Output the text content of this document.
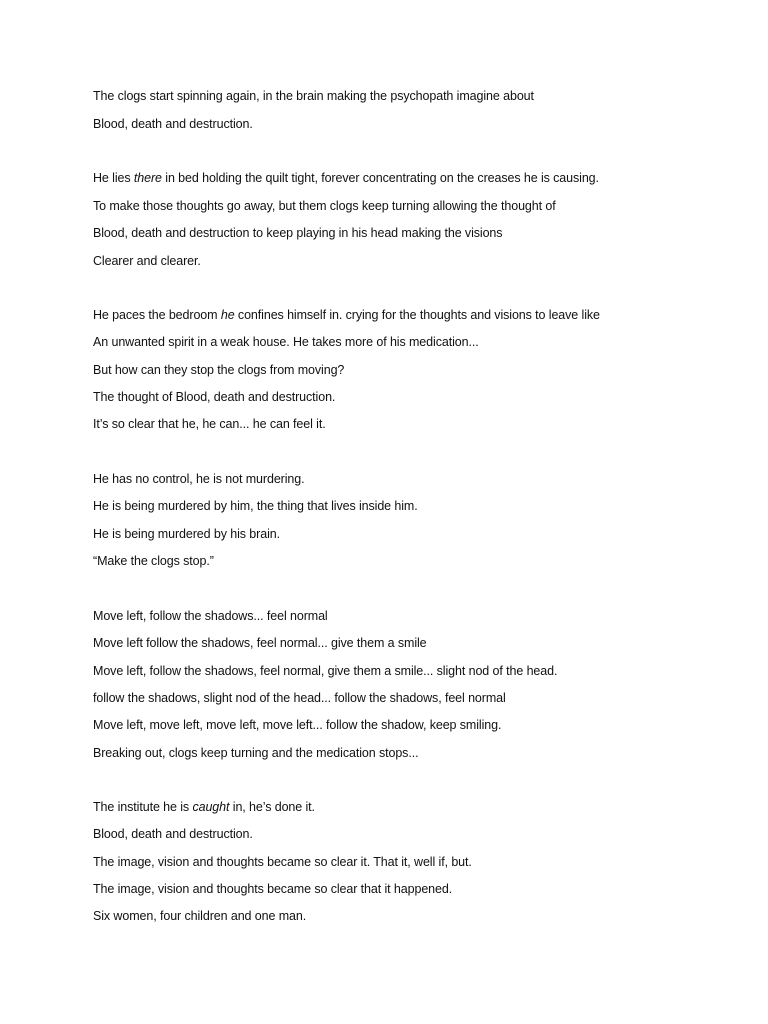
The clogs start spinning again, in the brain making the psychopath imagine about
Blood, death and destruction.
He lies there in bed holding the quilt tight, forever concentrating on the creases he is causing.
To make those thoughts go away, but them clogs keep turning allowing the thought of
Blood, death and destruction to keep playing in his head making the visions
Clearer and clearer.
He paces the bedroom he confines himself in. crying for the thoughts and visions to leave like
An unwanted spirit in a weak house. He takes more of his medication...
But how can they stop the clogs from moving?
The thought of Blood, death and destruction.
It’s so clear that he, he can... he can feel it.
He has no control, he is not murdering.
He is being murdered by him, the thing that lives inside him.
He is being murdered by his brain.
“Make the clogs stop.”
Move left, follow the shadows... feel normal
Move left follow the shadows, feel normal... give them a smile
Move left, follow the shadows, feel normal, give them a smile... slight nod of the head.
follow the shadows, slight nod of the head... follow the shadows, feel normal
Move left, move left, move left, move left... follow the shadow, keep smiling.
Breaking out, clogs keep turning and the medication stops...
The institute he is caught in, he’s done it.
Blood, death and destruction.
The image, vision and thoughts became so clear it. That it, well if, but.
The image, vision and thoughts became so clear that it happened.
Six women, four children and one man.
